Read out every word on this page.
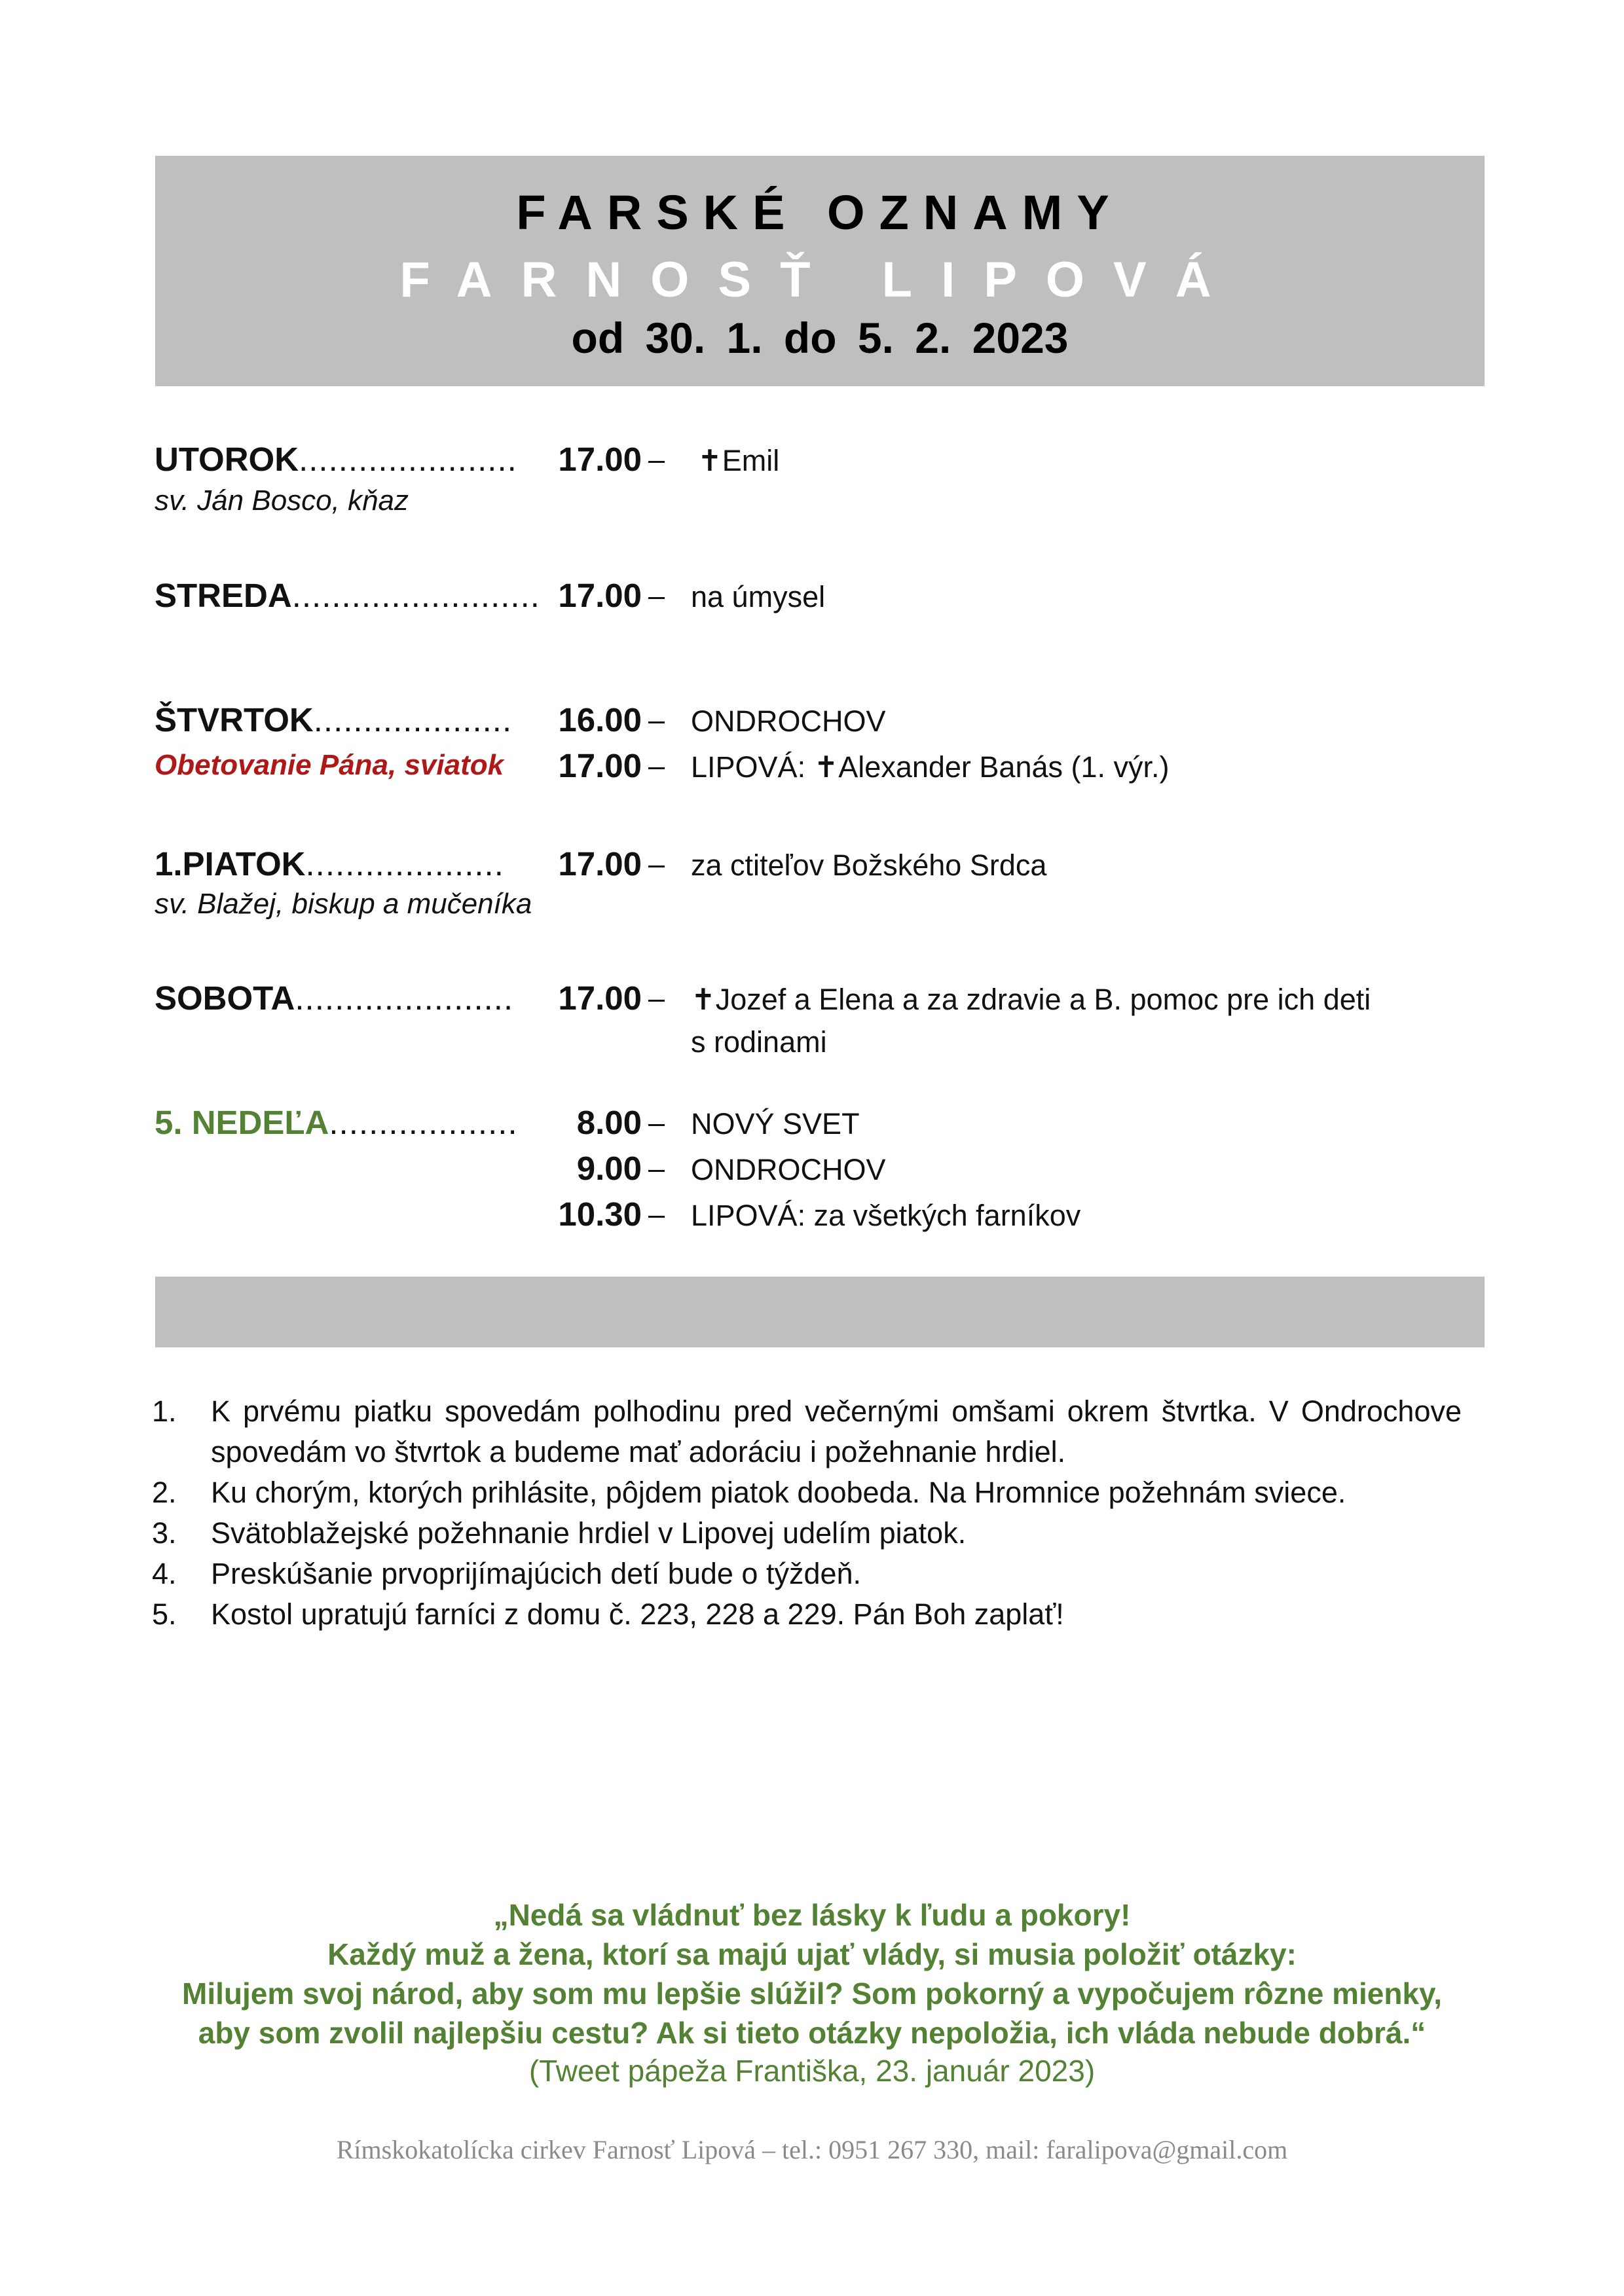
FARSKÉ OZNAMY
FARNOSŤ LIPOVÁ
od 30. 1. do 5. 2. 2023
UTOROK......................	17.00 – ✝Emil
sv. Ján Bosco, kňaz
STREDA......................... 17.00 – na úmysel
ŠTVRTOK....................	16.00 – ONDROCHOV
Obetovanie Pána, sviatok	17.00 – LIPOVÁ: ✝Alexander Banás (1. výr.)
1.PIATOK....................	17.00 – za ctiteľov Božského Srdca
sv. Blažej, biskup a mučeníka
SOBOTA......................	17.00 – ✝Jozef a Elena a za zdravie a B. pomoc pre ich deti
s rodinami
5. NEDEĽA...................	8.00 – NOVÝ SVET
9.00 – ONDROCHOV
10.30 – LIPOVÁ: za všetkých farníkov
1. K prvému piatku spovedám polhodinu pred večernými omšami okrem štvrtka. V Ondrochove spovedám vo štvrtok a budeme mať adoráciu i požehnanie hrdiel.
2. Ku chorým, ktorých prihlásite, pôjdem piatok doobeda. Na Hromnice požehnám sviece.
3. Svätoblažejské požehnanie hrdiel v Lipovej udelím piatok.
4. Preskúšanie prvoprijímajúcich detí bude o týždeň.
5. Kostol upratujú farníci z domu č. 223, 228 a 229. Pán Boh zaplať!
„Nedá sa vládnuť bez lásky k ľudu a pokory!
Každý muž a žena, ktorí sa majú ujať vlády, si musia položiť otázky:
Milujem svoj národ, aby som mu lepšie slúžil? Som pokorný a vypočujem rôzne mienky,
aby som zvolil najlepšiu cestu? Ak si tieto otázky nepoložia, ich vláda nebude dobrá.“
(Tweet pápeža Františka, 23. január 2023)
Rímskokatolícka cirkev Farnosť Lipová – tel.: 0951 267 330, mail: faralipova@gmail.com
